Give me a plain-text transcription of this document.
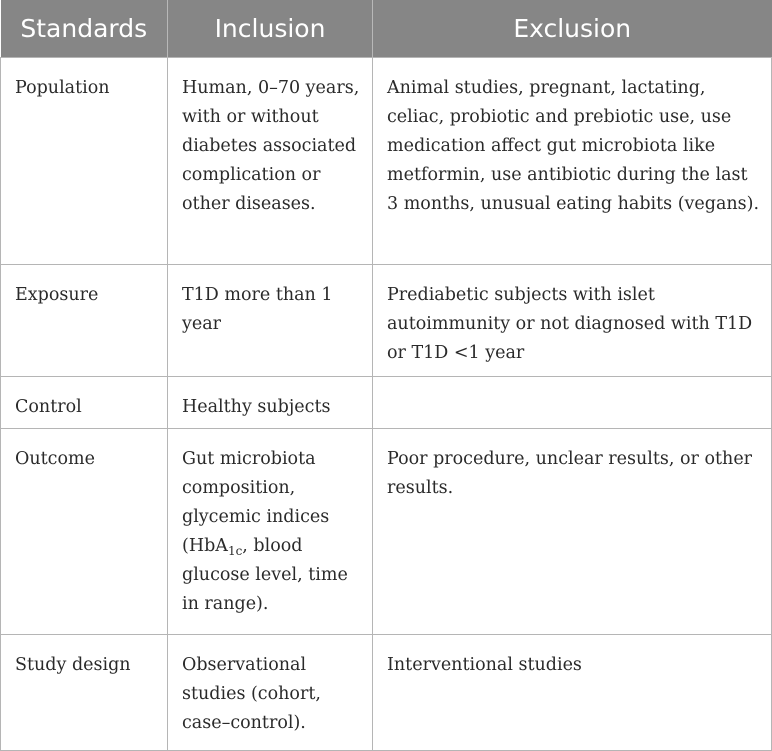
Standards	Inclusion	Exclusion
Population	Human, 0–70 years, with or without diabetes associated complication or other diseases.	Animal studies, pregnant, lactating, celiac, probiotic and prebiotic use, use medication affect gut microbiota like metformin, use antibiotic during the last 3 months, unusual eating habits (vegans).
Exposure	T1D more than 1 year	Prediabetic subjects with islet autoimmunity or not diagnosed with T1D or T1D <1 year
Control	Healthy subjects	
Outcome	Gut microbiota composition, glycemic indices (HbA$_{1c}$, blood glucose level, time in range).	Poor procedure, unclear results, or other results.
Study design	Observational studies (cohort, case–control).	Interventional studies
